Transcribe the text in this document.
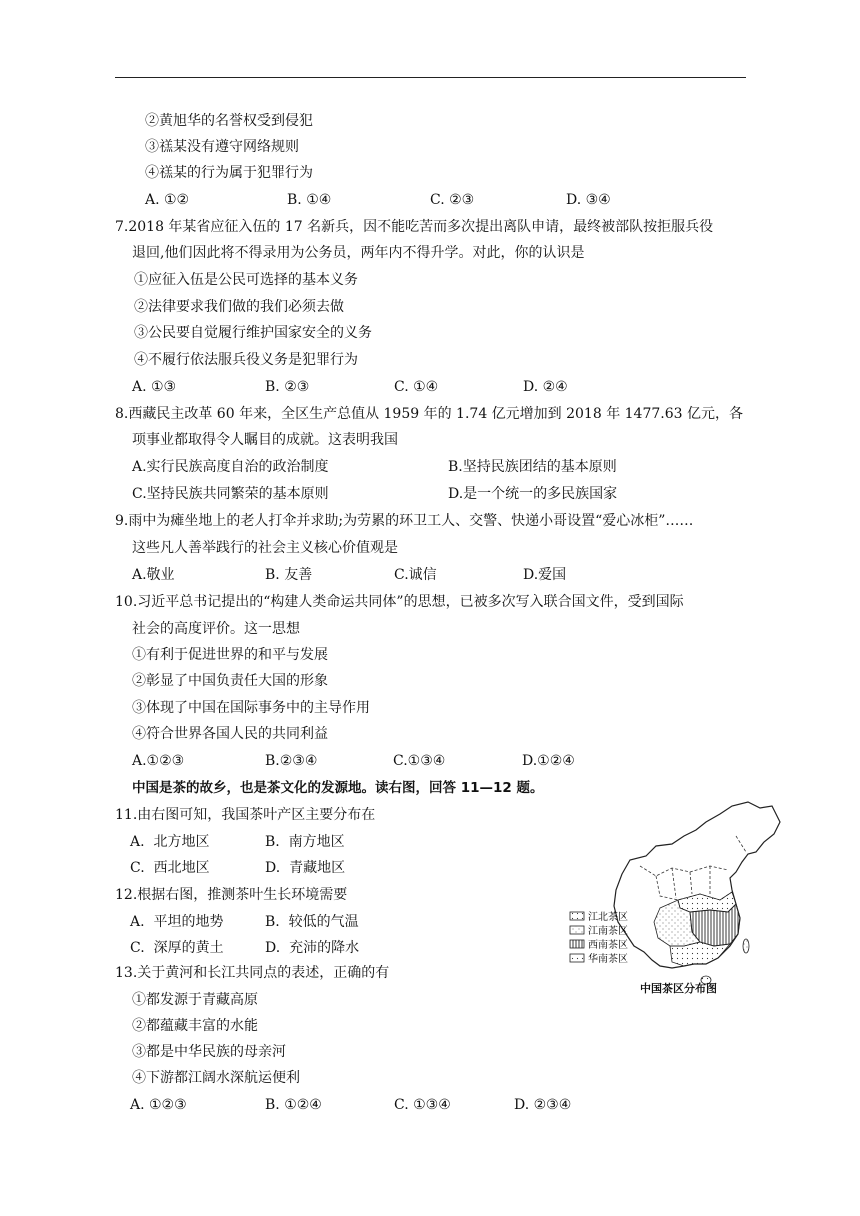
②黄旭华的名誉权受到侵犯
③禚某没有遵守网络规则
④禚某的行为属于犯罪行为
A. ①②	B. ①④	C. ②③	D. ③④
7.2018 年某省应征入伍的 17 名新兵，因不能吃苦而多次提出离队申请，最终被部队按拒服兵役
退回,他们因此将不得录用为公务员，两年内不得升学。对此，你的认识是
①应征入伍是公民可选择的基本义务
②法律要求我们做的我们必须去做
③公民要自觉履行维护国家安全的义务
④不履行依法服兵役义务是犯罪行为
A. ①③	B. ②③	C. ①④	D. ②④
8.西藏民主改革 60 年来，全区生产总值从 1959 年的 1.74 亿元增加到 2018 年 1477.63 亿元，各
项事业都取得令人瞩目的成就。这表明我国
A.实行民族高度自治的政治制度	B.坚持民族团结的基本原则
C.坚持民族共同繁荣的基本原则	D.是一个统一的多民族国家
9.雨中为瘫坐地上的老人打伞并求助;为劳累的环卫工人、交警、快递小哥设置“爱心冰柜”……
这些凡人善举践行的社会主义核心价值观是
A.敬业	B. 友善	C.诚信	D.爱国
10.习近平总书记提出的“构建人类命运共同体”的思想，已被多次写入联合国文件，受到国际
社会的高度评价。这一思想
①有利于促进世界的和平与发展
②彰显了中国负责任大国的形象
③体现了中国在国际事务中的主导作用
④符合世界各国人民的共同利益
A.①②③	B.②③④	C.①③④	D.①②④
中国是茶的故乡，也是茶文化的发源地。读右图，回答 11—12 题。
11.由右图可知，我国茶叶产区主要分布在
A.  北方地区	B.  南方地区
C.  西北地区	D.  青藏地区
12.根据右图，推测茶叶生长环境需要
A.  平坦的地势	B.  较低的气温
C.  深厚的黄土	D.  充沛的降水
13.关于黄河和长江共同点的表述，正确的有
①都发源于青藏高原
②都蕴藏丰富的水能
③都是中华民族的母亲河
④下游都江阔水深航运便利
A. ①②③	B. ①②④	C. ①③④	D. ②③④
江北茶区
江南茶区
西南茶区
华南茶区
中国茶区分布图
